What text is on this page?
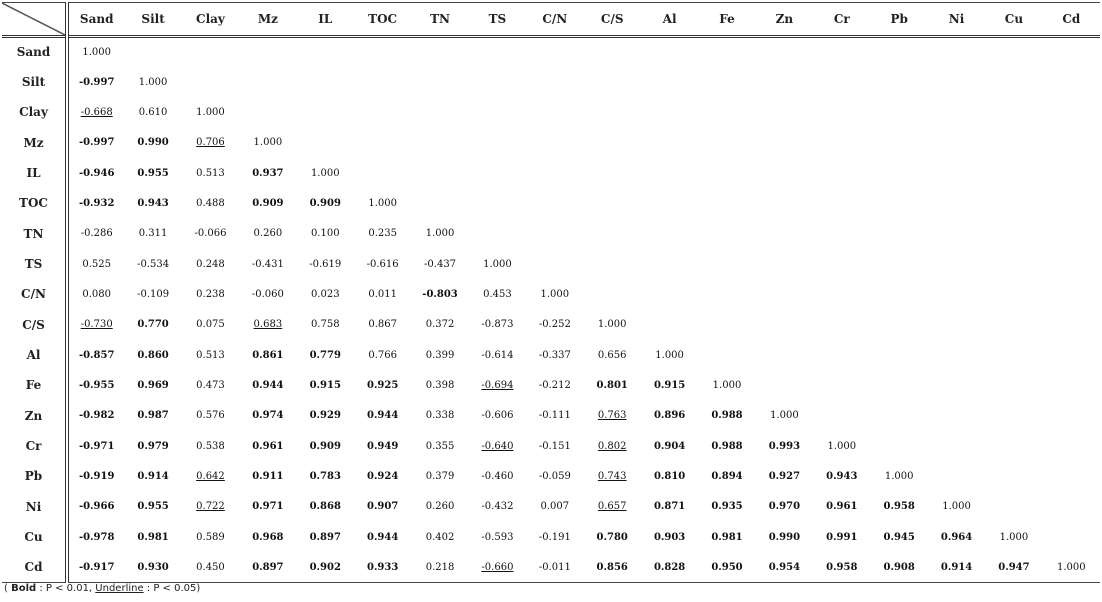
	Sand	Silt	Clay	Mz	IL	TOC	TN	TS	C/N	C/S	Al	Fe	Zn	Cr	Pb	Ni	Cu	Cd
Sand	1.000																	
Silt	-0.997	1.000																
Clay	-0.668	0.610	1.000															
Mz	-0.997	0.990	0.706	1.000														
IL	-0.946	0.955	0.513	0.937	1.000													
TOC	-0.932	0.943	0.488	0.909	0.909	1.000												
TN	-0.286	0.311	-0.066	0.260	0.100	0.235	1.000											
TS	0.525	-0.534	0.248	-0.431	-0.619	-0.616	-0.437	1.000										
C/N	0.080	-0.109	0.238	-0.060	0.023	0.011	-0.803	0.453	1.000									
C/S	-0.730	0.770	0.075	0.683	0.758	0.867	0.372	-0.873	-0.252	1.000								
Al	-0.857	0.860	0.513	0.861	0.779	0.766	0.399	-0.614	-0.337	0.656	1.000							
Fe	-0.955	0.969	0.473	0.944	0.915	0.925	0.398	-0.694	-0.212	0.801	0.915	1.000						
Zn	-0.982	0.987	0.576	0.974	0.929	0.944	0.338	-0.606	-0.111	0.763	0.896	0.988	1.000					
Cr	-0.971	0.979	0.538	0.961	0.909	0.949	0.355	-0.640	-0.151	0.802	0.904	0.988	0.993	1.000				
Pb	-0.919	0.914	0.642	0.911	0.783	0.924	0.379	-0.460	-0.059	0.743	0.810	0.894	0.927	0.943	1.000			
Ni	-0.966	0.955	0.722	0.971	0.868	0.907	0.260	-0.432	0.007	0.657	0.871	0.935	0.970	0.961	0.958	1.000		
Cu	-0.978	0.981	0.589	0.968	0.897	0.944	0.402	-0.593	-0.191	0.780	0.903	0.981	0.990	0.991	0.945	0.964	1.000	
Cd	-0.917	0.930	0.450	0.897	0.902	0.933	0.218	-0.660	-0.011	0.856	0.828	0.950	0.954	0.958	0.908	0.914	0.947	1.000
( Bold : P < 0.01, Underline : P < 0.05)
